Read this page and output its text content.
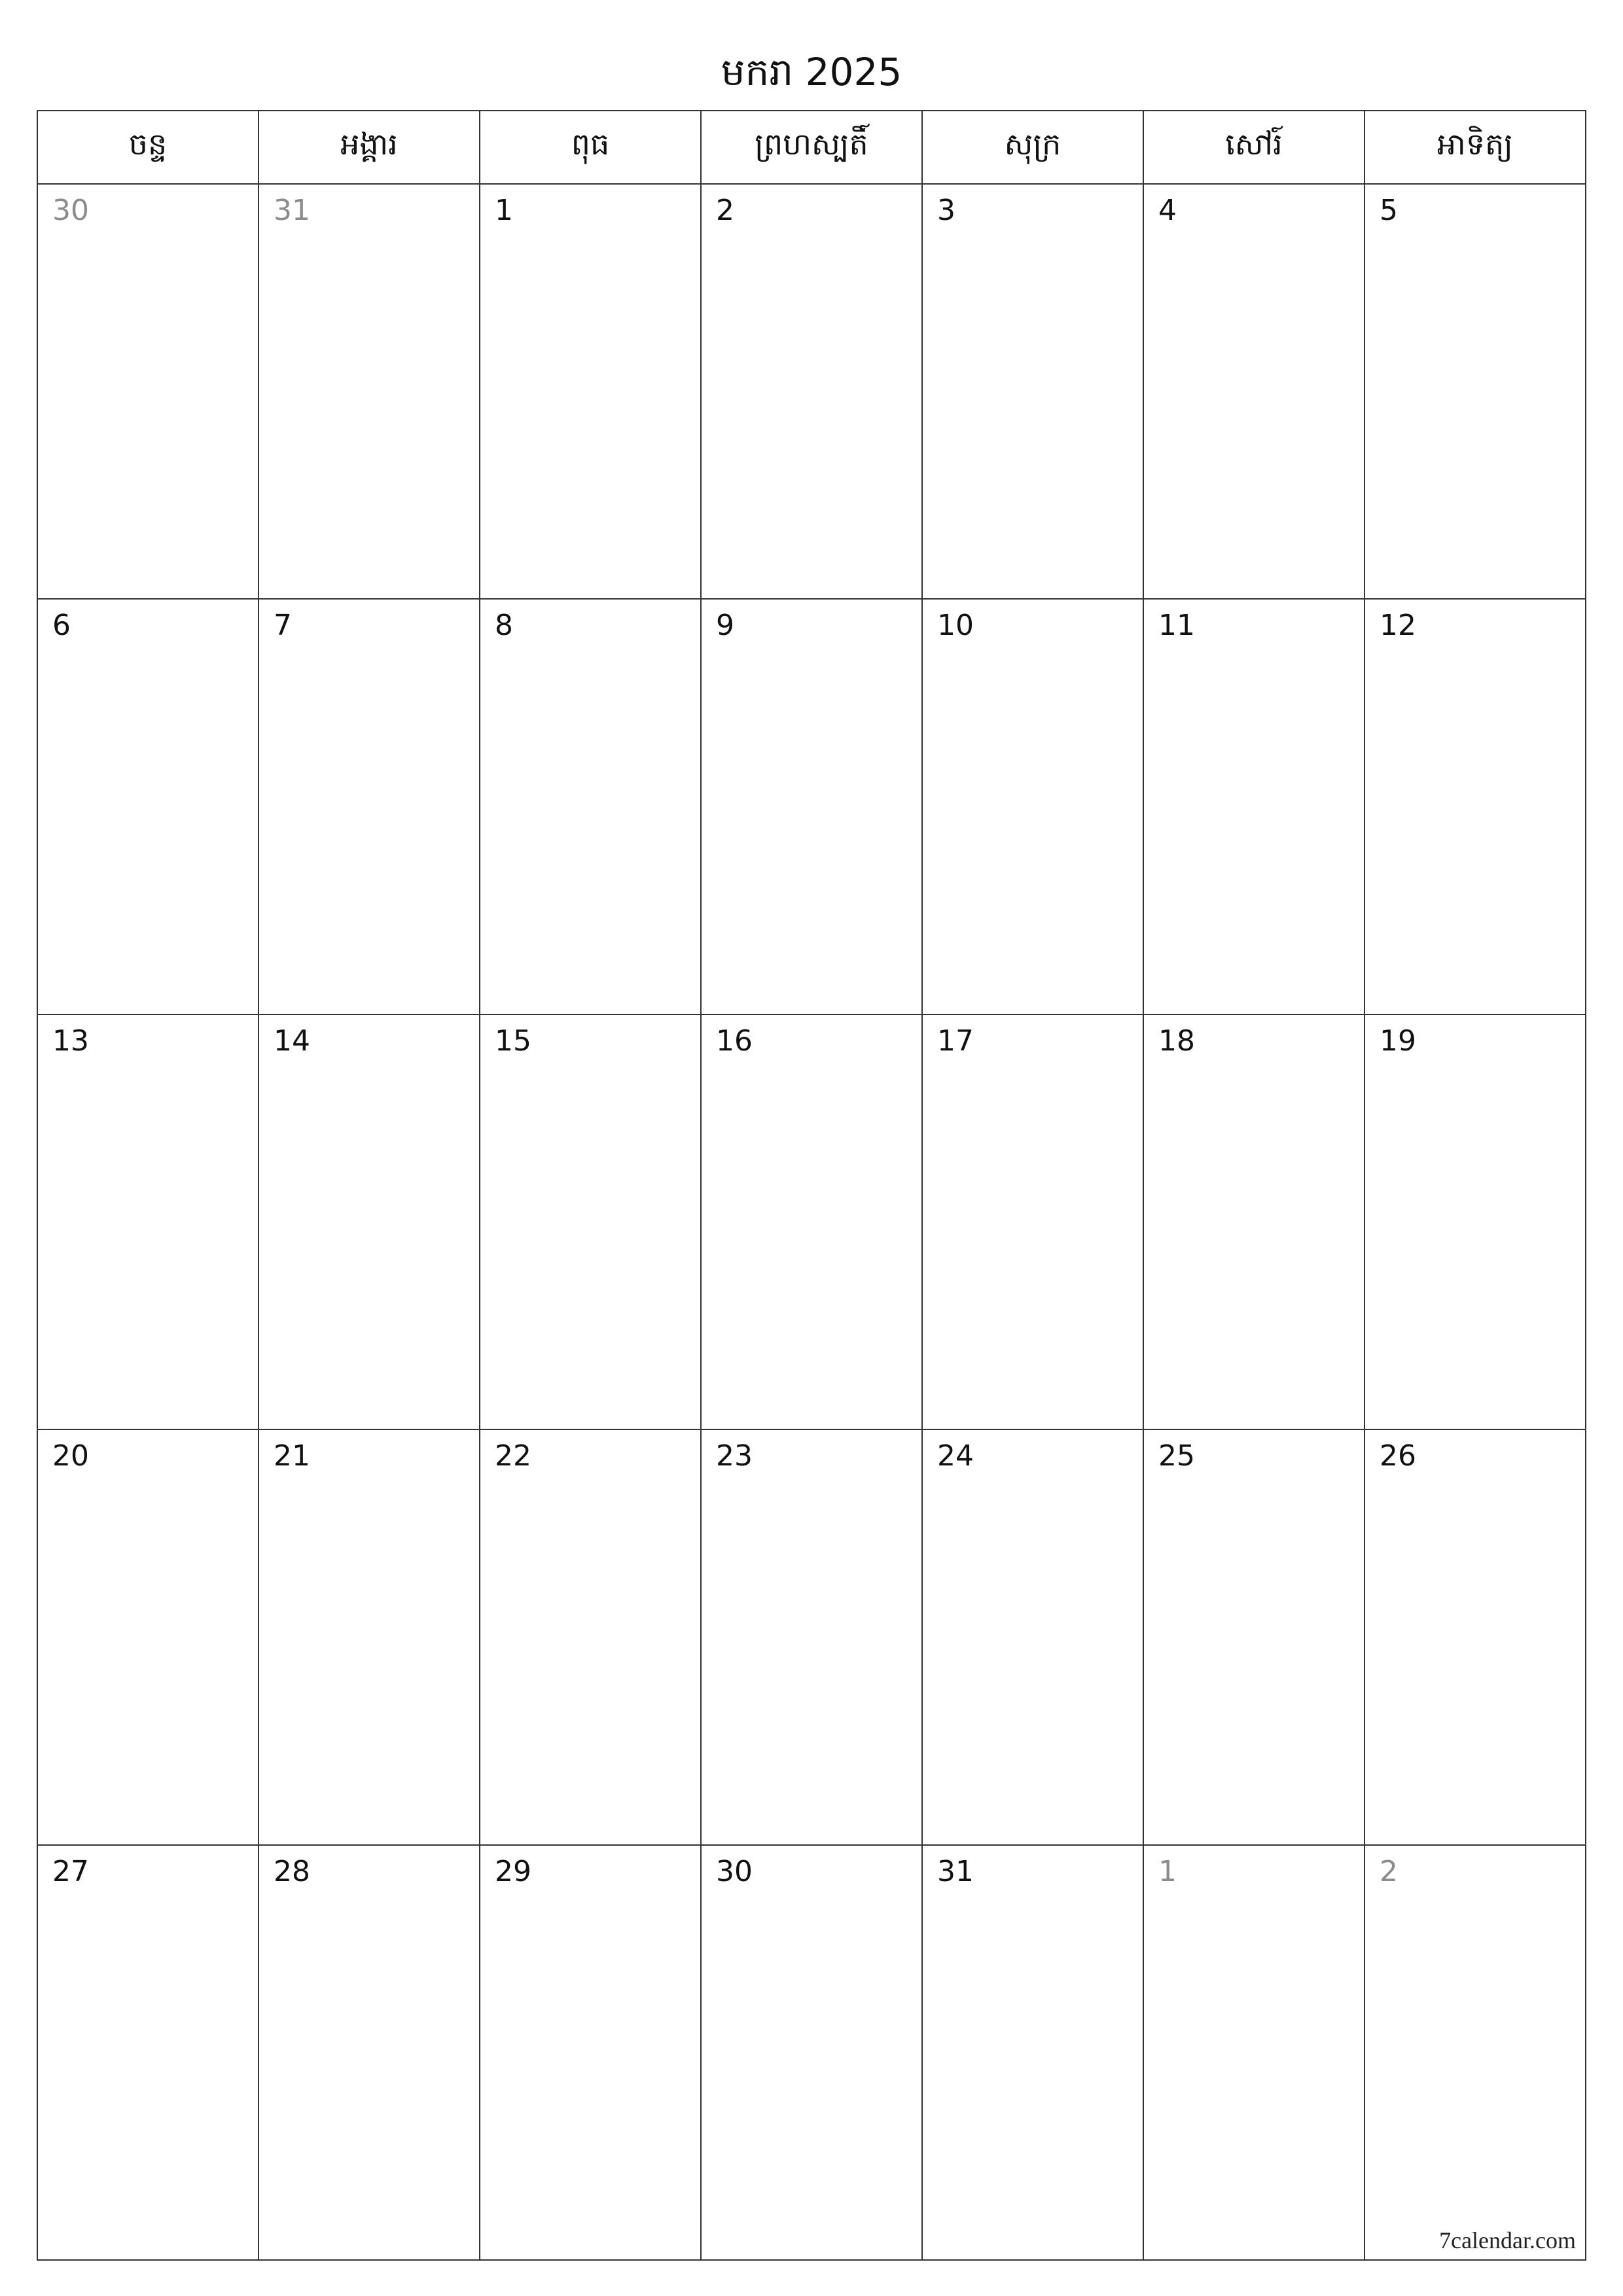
មករា 2025
ចន្ទ	អង្គារ	ពុធ	ព្រហស្បតិ៍	សុក្រ	សៅរ៍	អាទិត្យ
30	31	1	2	3	4	5
6	7	8	9	10	11	12
13	14	15	16	17	18	19
20	21	22	23	24	25	26
27	28	29	30	31	1	2
7calendar.com
